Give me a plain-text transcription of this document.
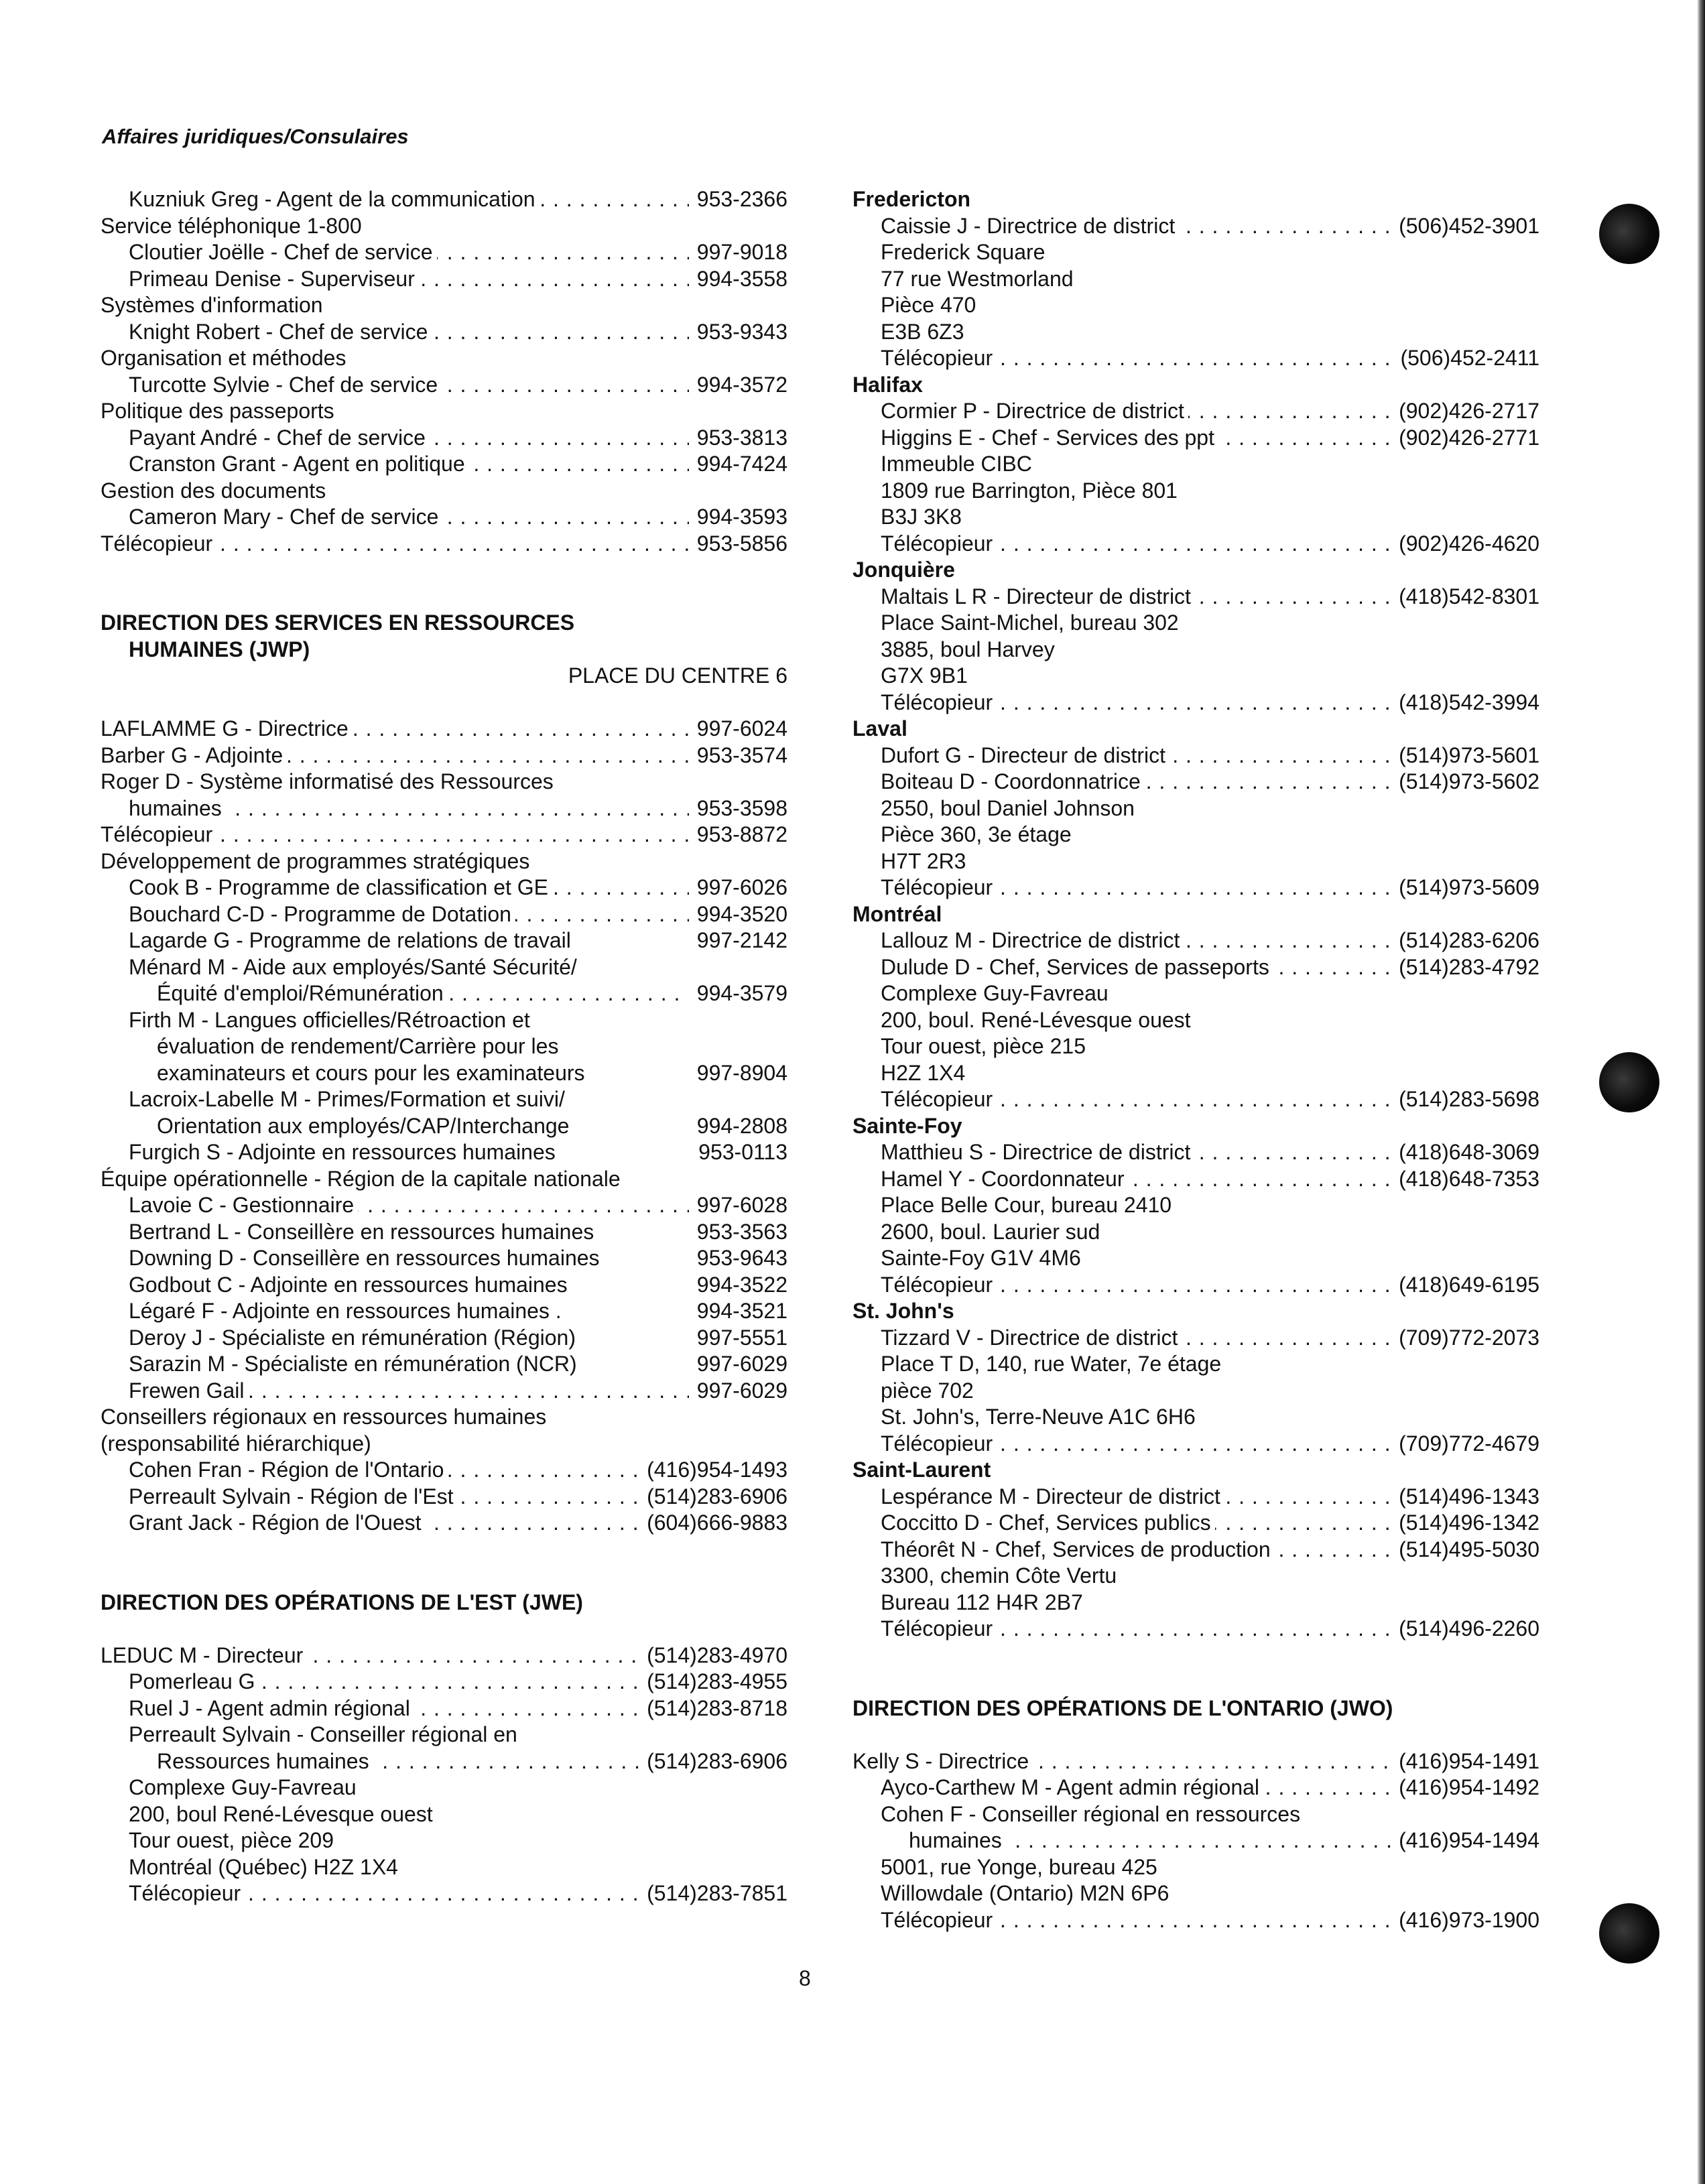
Affaires juridiques/Consulaires
Kuzniuk Greg - Agent de la communication . . .	953-2366
Service téléphonique 1-800
Cloutier Joëlle - Chef de service . . .	997-9018
Primeau Denise - Superviseur . . .	994-3558
Systèmes d'information
Knight Robert - Chef de service . . .	953-9343
Organisation et méthodes
Turcotte Sylvie - Chef de service . . .	994-3572
Politique des passeports
Payant André - Chef de service . . .	953-3813
Cranston Grant - Agent en politique . . .	994-7424
Gestion des documents
Cameron Mary - Chef de service . . .	994-3593
Télécopieur . . .	953-5856
DIRECTION DES SERVICES EN RESSOURCES
HUMAINES (JWP)
PLACE DU CENTRE 6
LAFLAMME G - Directrice . . .	997-6024
Barber G - Adjointe . . .	953-3574
Roger D - Système informatisé des Ressources
humaines . . .	953-3598
Télécopieur . . .	953-8872
Développement de programmes stratégiques
Cook B - Programme de classification et GE . . .	997-6026
Bouchard C-D - Programme de Dotation . . .	994-3520
Lagarde G - Programme de relations de travail	997-2142
Ménard M - Aide aux employés/Santé Sécurité/
Équité d'emploi/Rémunération . . .	994-3579
Firth M - Langues officielles/Rétroaction et
évaluation de rendement/Carrière pour les
examinateurs et cours pour les examinateurs	997-8904
Lacroix-Labelle M - Primes/Formation et suivi/
Orientation aux employés/CAP/Interchange	994-2808
Furgich S - Adjointe en ressources humaines	953-0113
Équipe opérationnelle - Région de la capitale nationale
Lavoie C - Gestionnaire . . .	997-6028
Bertrand L - Conseillère en ressources humaines	953-3563
Downing D - Conseillère en ressources humaines	953-9643
Godbout C - Adjointe en ressources humaines	994-3522
Légaré F - Adjointe en ressources humaines .	994-3521
Deroy J - Spécialiste en rémunération (Région)	997-5551
Sarazin M - Spécialiste en rémunération (NCR)	997-6029
Frewen Gail . . .	997-6029
Conseillers régionaux en ressources humaines
(responsabilité hiérarchique)
Cohen Fran - Région de l'Ontario . . .	(416)954-1493
Perreault Sylvain - Région de l'Est . . .	(514)283-6906
Grant Jack - Région de l'Ouest . . .	(604)666-9883
DIRECTION DES OPÉRATIONS DE L'EST (JWE)
LEDUC M - Directeur . . .	(514)283-4970
Pomerleau G . . .	(514)283-4955
Ruel J - Agent admin régional . . .	(514)283-8718
Perreault Sylvain - Conseiller régional en
Ressources humaines . . .	(514)283-6906
Complexe Guy-Favreau
200, boul René-Lévesque ouest
Tour ouest, pièce 209
Montréal (Québec) H2Z 1X4
Télécopieur . . .	(514)283-7851
Fredericton
Caissie J - Directrice de district . . .	(506)452-3901
Frederick Square
77 rue Westmorland
Pièce 470
E3B 6Z3
Télécopieur . . .	(506)452-2411
Halifax
Cormier P - Directrice de district . . .	(902)426-2717
Higgins E - Chef - Services des ppt . . .	(902)426-2771
Immeuble CIBC
1809 rue Barrington, Pièce 801
B3J 3K8
Télécopieur . . .	(902)426-4620
Jonquière
Maltais L R - Directeur de district . . .	(418)542-8301
Place Saint-Michel, bureau 302
3885, boul Harvey
G7X 9B1
Télécopieur . . .	(418)542-3994
Laval
Dufort G - Directeur de district . . .	(514)973-5601
Boiteau D - Coordonnatrice . . .	(514)973-5602
2550, boul Daniel Johnson
Pièce 360, 3e étage
H7T 2R3
Télécopieur . . .	(514)973-5609
Montréal
Lallouz M - Directrice de district . . .	(514)283-6206
Dulude D - Chef, Services de passeports . . .	(514)283-4792
Complexe Guy-Favreau
200, boul. René-Lévesque ouest
Tour ouest, pièce 215
H2Z 1X4
Télécopieur . . .	(514)283-5698
Sainte-Foy
Matthieu S - Directrice de district . . .	(418)648-3069
Hamel Y - Coordonnateur . . .	(418)648-7353
Place Belle Cour, bureau 2410
2600, boul. Laurier sud
Sainte-Foy G1V 4M6
Télécopieur . . .	(418)649-6195
St. John's
Tizzard V - Directrice de district . . .	(709)772-2073
Place T D, 140, rue Water, 7e étage
pièce 702
St. John's, Terre-Neuve A1C 6H6
Télécopieur . . .	(709)772-4679
Saint-Laurent
Lespérance M - Directeur de district . . .	(514)496-1343
Coccitto D - Chef, Services publics . . .	(514)496-1342
Théorêt N - Chef, Services de production . . .	(514)495-5030
3300, chemin Côte Vertu
Bureau 112 H4R 2B7
Télécopieur . . .	(514)496-2260
DIRECTION DES OPÉRATIONS DE L'ONTARIO (JWO)
Kelly S - Directrice . . .	(416)954-1491
Ayco-Carthew M - Agent admin régional . . .	(416)954-1492
Cohen F - Conseiller régional en ressources
humaines . . .	(416)954-1494
5001, rue Yonge, bureau 425
Willowdale (Ontario) M2N 6P6
Télécopieur . . .	(416)973-1900
8
